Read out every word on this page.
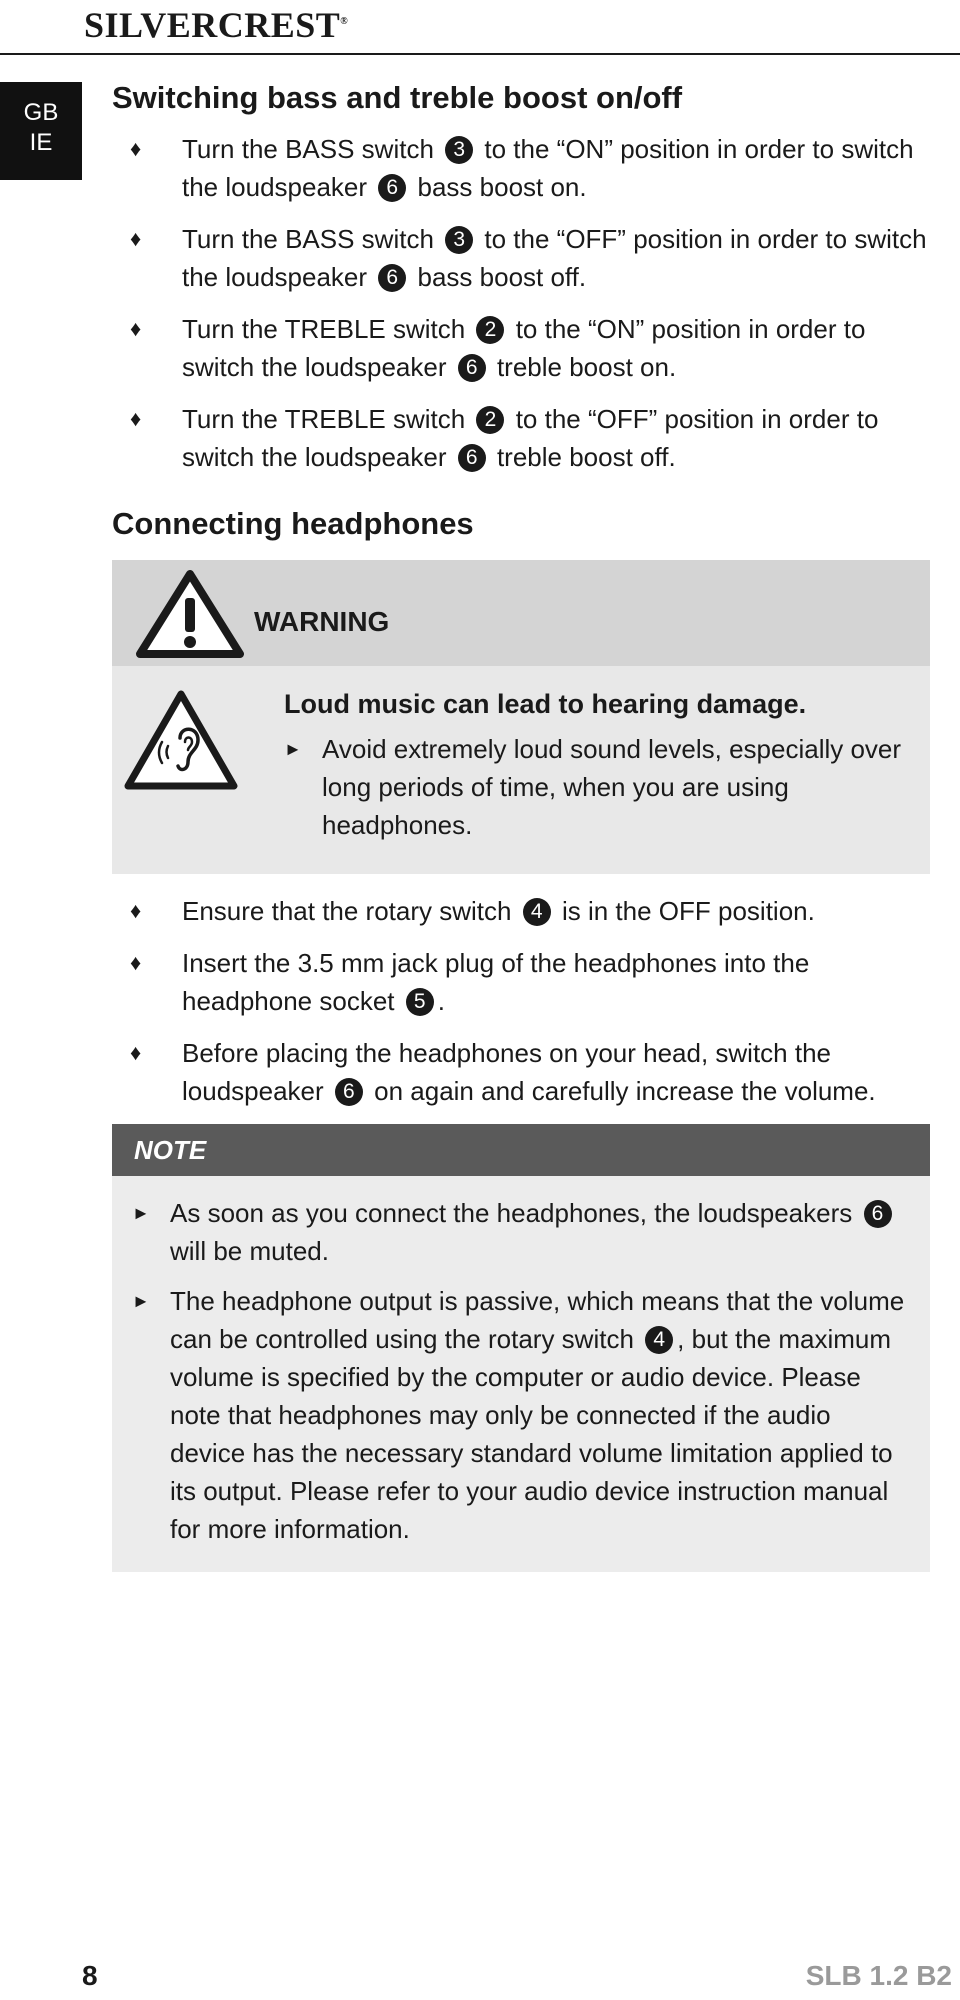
SILVERCREST®
GB
IE
Switching bass and treble boost on/off
♦ Turn the BASS switch 3 to the “ON” position in order to switch the loudspeaker 6 bass boost on.
♦ Turn the BASS switch 3 to the “OFF” position in order to switch the loudspeaker 6 bass boost off.
♦ Turn the TREBLE switch 2 to the “ON” position in order to switch the loudspeaker 6 treble boost on.
♦ Turn the TREBLE switch 2 to the “OFF” position in order to switch the loudspeaker 6 treble boost off.
Connecting headphones
WARNING
Loud music can lead to hearing damage.
► Avoid extremely loud sound levels, especially over long periods of time, when you are using headphones.
♦ Ensure that the rotary switch 4 is in the OFF position.
♦ Insert the 3.5 mm jack plug of the headphones into the headphone socket 5 .
♦ Before placing the headphones on your head, switch the loudspeaker 6 on again and carefully increase the volume.
NOTE
► As soon as you connect the headphones, the loudspeakers 6 will be muted.
► The headphone output is passive, which means that the volume can be controlled using the rotary switch 4 , but the maximum volume is specified by the computer or audio device. Please note that headphones may only be connected if the audio device has the necessary standard volume limitation applied to its output. Please refer to your audio device instruction manual for more information.
8	SLB 1.2 B2
